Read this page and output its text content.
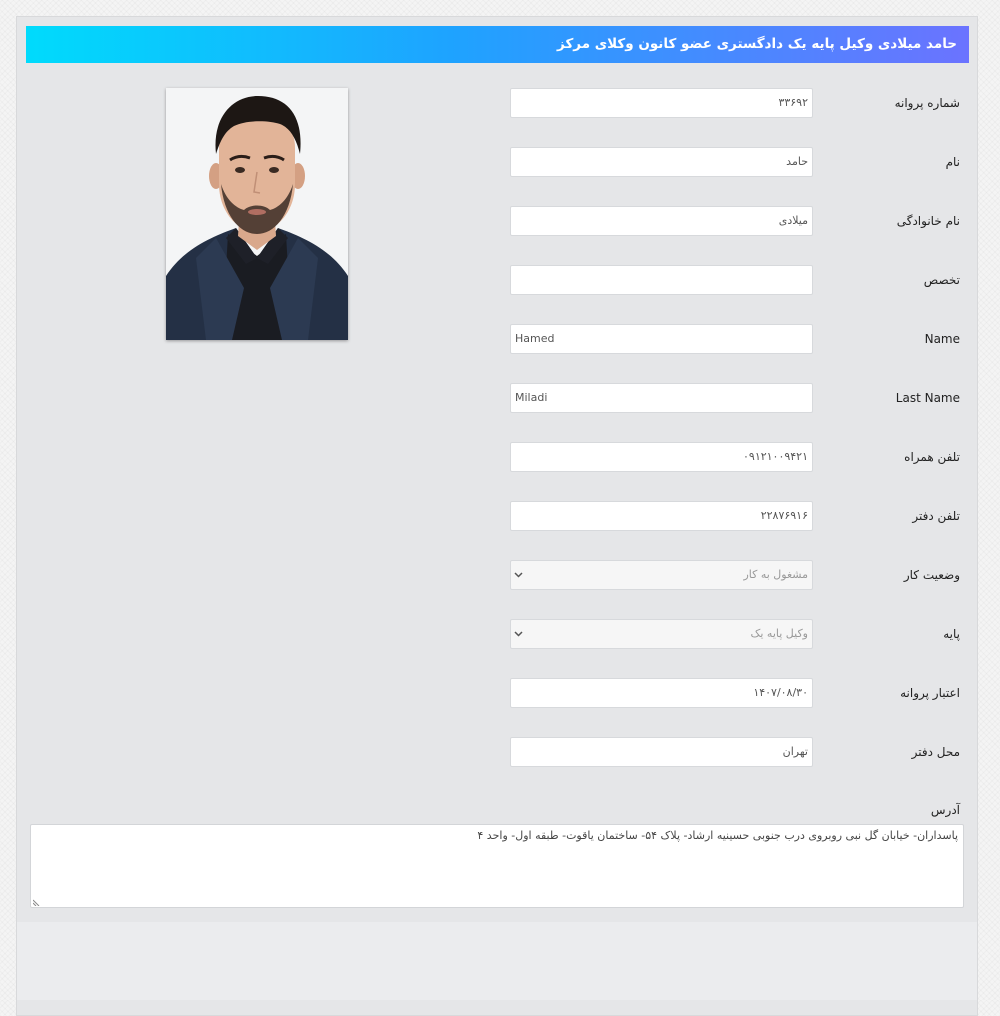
حامد میلادی وکیل پایه یک دادگستری عضو کانون وکلای مرکز
شماره پروانه
۳۳۶۹۲
نام
حامد
نام خانوادگی
میلادی
تخصص
Name
Hamed
Last Name
Miladi
تلفن همراه
۰۹۱۲۱۰۰۹۴۲۱
تلفن دفتر
۲۲۸۷۶۹۱۶
وضعیت کار
مشغول به کار
پایه
وکیل پایه یک
اعتبار پروانه
۱۴۰۷/۰۸/۳۰
محل دفتر
تهران
آدرس
پاسداران- خیابان گل نبی روبروی درب جنوبی حسینیه ارشاد- پلاک ۵۴- ساختمان یاقوت- طبقه اول- واحد ۴
